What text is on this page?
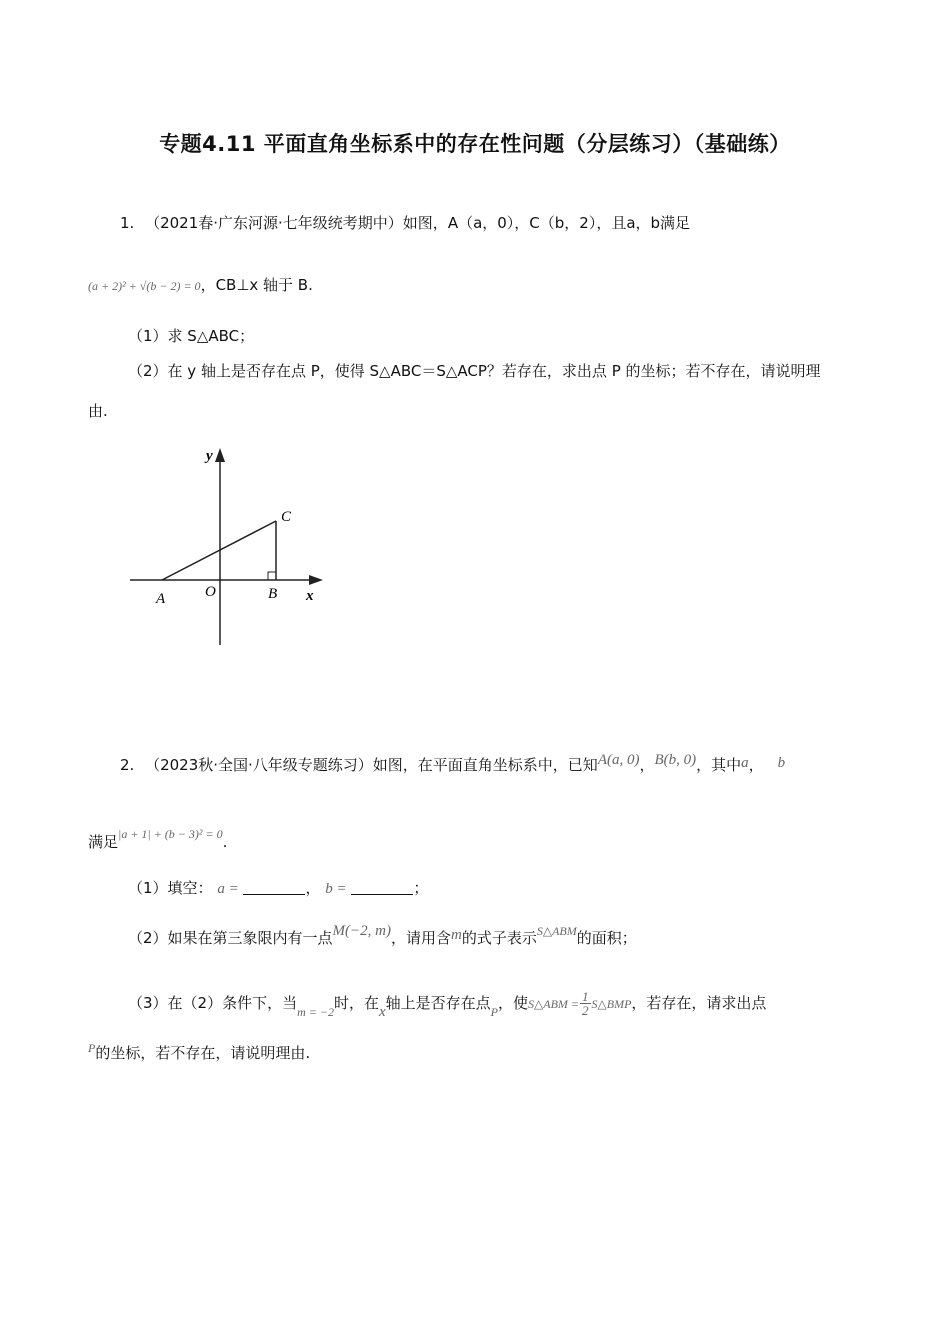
专题4.11 平面直角坐标系中的存在性问题（分层练习）（基础练）
1. （2021春·广东河源·七年级统考期中）如图，A（a，0），C（b，2），且a，b满足
(a + 2)² + √(b − 2) = 0，CB⊥x 轴于 B.
（1）求 S△ABC；
（2）在 y 轴上是否存在点 P，使得 S△ABC＝S△ACP？若存在，求出点 P 的坐标；若不存在，请说明理
由.
y
x
O
A	B
C
2. （2023秋·全国·八年级专题练习）如图，在平面直角坐标系中，已知A(a, 0)，B(b, 0)，其中a， b
满足$^{|a + 1| + (b - 3)^2 = 0}$.
（1）填空： a =	， b =	；
（2）如果在第三象限内有一点M(−2, m)，请用含m的式子表示$^{S\triangle ABM}$的面积；
（3）在（2）条件下，当$_{m = -2}$时，在x轴上是否存在点$_P$，使S△ABM = $\frac{1}{2}$ S△BMP，若存在，请求出点
$^P$的坐标，若不存在，请说明理由.
